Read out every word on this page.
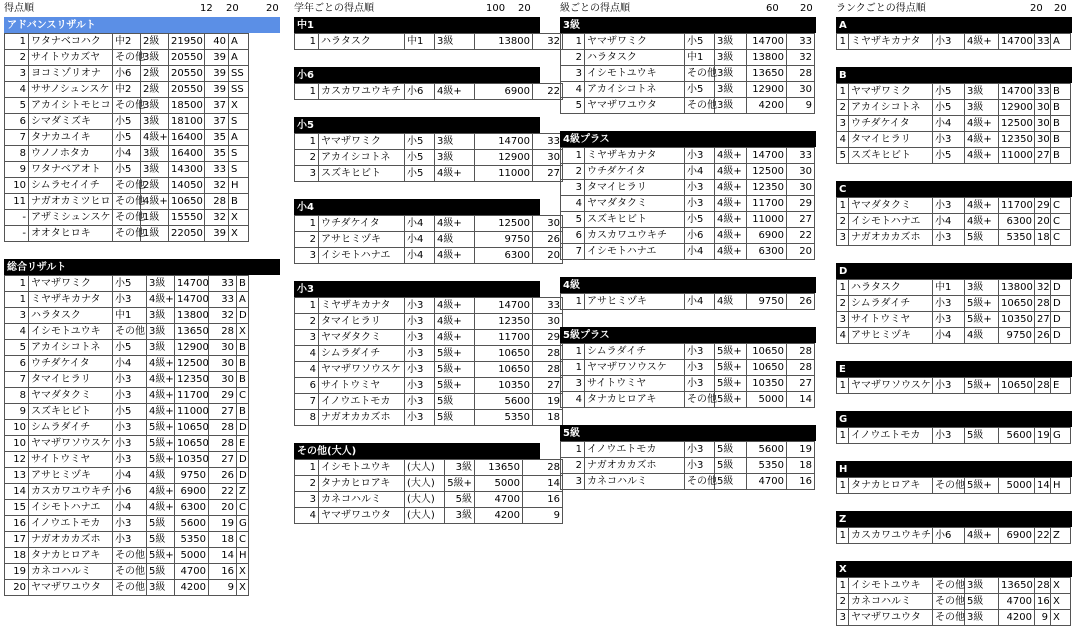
得点順	12 20	20
アドバンスリザルト
1	ワタナベコハク	中2	2級	21950	40	A
2	サイトウカズヤ	その他	3級	20550	39	A
3	ヨコミゾリオナ	小6	2級	20550	39	SS
4	ササノシュンスケ	中2	2級	20550	39	SS
5	アカイシトモヒコ	その他	3級	18500	37	X
6	シマダミズキ	小5	3級	18100	37	S
7	タナカユイキ	小5	4級+	16400	35	A
8	ウノノホタカ	小4	3級	16400	35	S
9	ワタナベアオト	小5	3級	14300	33	S
10	シムラセイイチ	その他	2級	14050	32	H
11	ナガオカミツヒロ	その他	4級+	10650	28	B
-	アザミシュンスケ	その他	1級	15550	32	X
-	オオタヒロキ	その他	1級	22050	39	X
総合リザルト
1	ヤマザワミク	小5	3級	14700	33	B
1	ミヤザキカナタ	小3	4級+	14700	33	A
3	ハラタスク	中1	3級	13800	32	D
4	イシモトユウキ	その他	3級	13650	28	X
5	アカイシコトネ	小5	3級	12900	30	B
6	ウチダケイタ	小4	4級+	12500	30	B
7	タマイヒラリ	小3	4級+	12350	30	B
8	ヤマダタクミ	小3	4級+	11700	29	C
9	スズキヒビト	小5	4級+	11000	27	B
10	シムラダイチ	小3	5級+	10650	28	D
10	ヤマザワソウスケ	小3	5級+	10650	28	E
12	サイトウミヤ	小3	5級+	10350	27	D
13	アサヒミヅキ	小4	4級	9750	26	D
14	カスカワユウキチ	小6	4級+	6900	22	Z
15	イシモトハナエ	小4	4級+	6300	20	C
16	イノウエトモカ	小3	5級	5600	19	G
17	ナガオカカズホ	小3	5級	5350	18	C
18	タナカヒロアキ	その他	5級+	5000	14	H
19	カネコハルミ	その他	5級	4700	16	X
20	ヤマザワユウタ	その他	3級	4200	9	X
学年ごとの得点順	100 20
中1
1	ハラタスク	中1	3級	13800	32
小6
1	カスカワユウキチ	小6	4級+	6900	22
小5
1	ヤマザワミク	小5	3級	14700	33
2	アカイシコトネ	小5	3級	12900	30
3	スズキヒビト	小5	4級+	11000	27
小4
1	ウチダケイタ	小4	4級+	12500	30
2	アサヒミヅキ	小4	4級	9750	26
3	イシモトハナエ	小4	4級+	6300	20
小3
1	ミヤザキカナタ	小3	4級+	14700	33
2	タマイヒラリ	小3	4級+	12350	30
3	ヤマダタクミ	小3	4級+	11700	29
4	シムラダイチ	小3	5級+	10650	28
4	ヤマザワソウスケ	小3	5級+	10650	28
6	サイトウミヤ	小3	5級+	10350	27
7	イノウエトモカ	小3	5級	5600	19
8	ナガオカカズホ	小3	5級	5350	18
その他(大人)
1	イシモトユウキ	(大人)	3級	13650	28
2	タナカヒロアキ	(大人)	5級+	5000	14
3	カネコハルミ	(大人)	5級	4700	16
4	ヤマザワユウタ	(大人)	3級	4200	9
級ごとの得点順	60 20
3級
1	ヤマザワミク	小5	3級	14700	33
2	ハラタスク	中1	3級	13800	32
3	イシモトユウキ	その他	3級	13650	28
4	アカイシコトネ	小5	3級	12900	30
5	ヤマザワユウタ	その他	3級	4200	9
4級プラス
1	ミヤザキカナタ	小3	4級+	14700	33
2	ウチダケイタ	小4	4級+	12500	30
3	タマイヒラリ	小3	4級+	12350	30
4	ヤマダタクミ	小3	4級+	11700	29
5	スズキヒビト	小5	4級+	11000	27
6	カスカワユウキチ	小6	4級+	6900	22
7	イシモトハナエ	小4	4級+	6300	20
4級
1	アサヒミヅキ	小4	4級	9750	26
5級プラス
1	シムラダイチ	小3	5級+	10650	28
1	ヤマザワソウスケ	小3	5級+	10650	28
3	サイトウミヤ	小3	5級+	10350	27
4	タナカヒロアキ	その他	5級+	5000	14
5級
1	イノウエトモカ	小3	5級	5600	19
2	ナガオカカズホ	小3	5級	5350	18
3	カネコハルミ	その他	5級	4700	16
ランクごとの得点順	20 20
A
1	ミヤザキカナタ	小3	4級+	14700	33	A
B
1	ヤマザワミク	小5	3級	14700	33	B
2	アカイシコトネ	小5	3級	12900	30	B
3	ウチダケイタ	小4	4級+	12500	30	B
4	タマイヒラリ	小3	4級+	12350	30	B
5	スズキヒビト	小5	4級+	11000	27	B
C
1	ヤマダタクミ	小3	4級+	11700	29	C
2	イシモトハナエ	小4	4級+	6300	20	C
3	ナガオカカズホ	小3	5級	5350	18	C
D
1	ハラタスク	中1	3級	13800	32	D
2	シムラダイチ	小3	5級+	10650	28	D
3	サイトウミヤ	小3	5級+	10350	27	D
4	アサヒミヅキ	小4	4級	9750	26	D
E
1	ヤマザワソウスケ	小3	5級+	10650	28	E
G
1	イノウエトモカ	小3	5級	5600	19	G
H
1	タナカヒロアキ	その他	5級+	5000	14	H
Z
1	カスカワユウキチ	小6	4級+	6900	22	Z
X
1	イシモトユウキ	その他	3級	13650	28	X
2	カネコハルミ	その他	5級	4700	16	X
3	ヤマザワユウタ	その他	3級	4200	9	X
